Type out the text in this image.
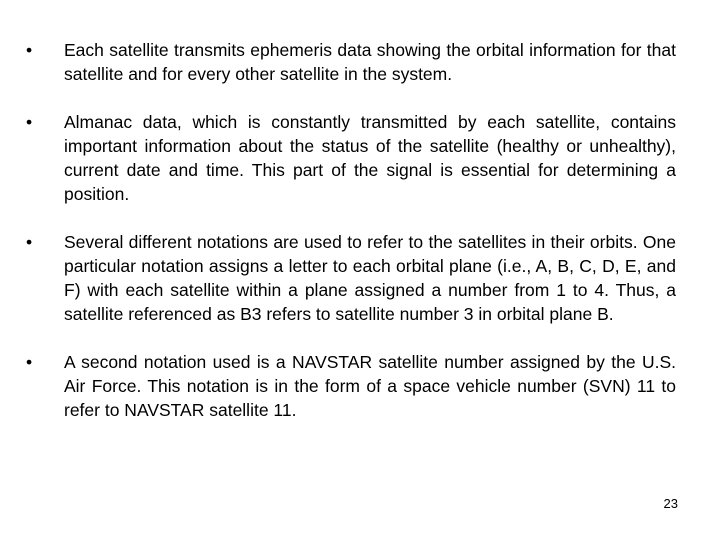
•	Each satellite transmits ephemeris data showing the orbital information for that satellite and for every other satellite in the system.
•	Almanac data, which is constantly transmitted by each satellite, contains important information about the status of the satellite (healthy or unhealthy), current date and time. This part of the signal is essential for determining a position.
•	Several different notations are used to refer to the satellites in their orbits. One particular notation assigns a letter to each orbital plane (i.e., A, B, C, D, E, and F) with each satellite within a plane assigned a number from 1 to 4. Thus, a satellite referenced as B3 refers to satellite number 3 in orbital plane B.
•	A second notation used is a NAVSTAR satellite number assigned by the U.S. Air Force. This notation is in the form of a space vehicle number (SVN) 11 to refer to NAVSTAR satellite 11.
23
